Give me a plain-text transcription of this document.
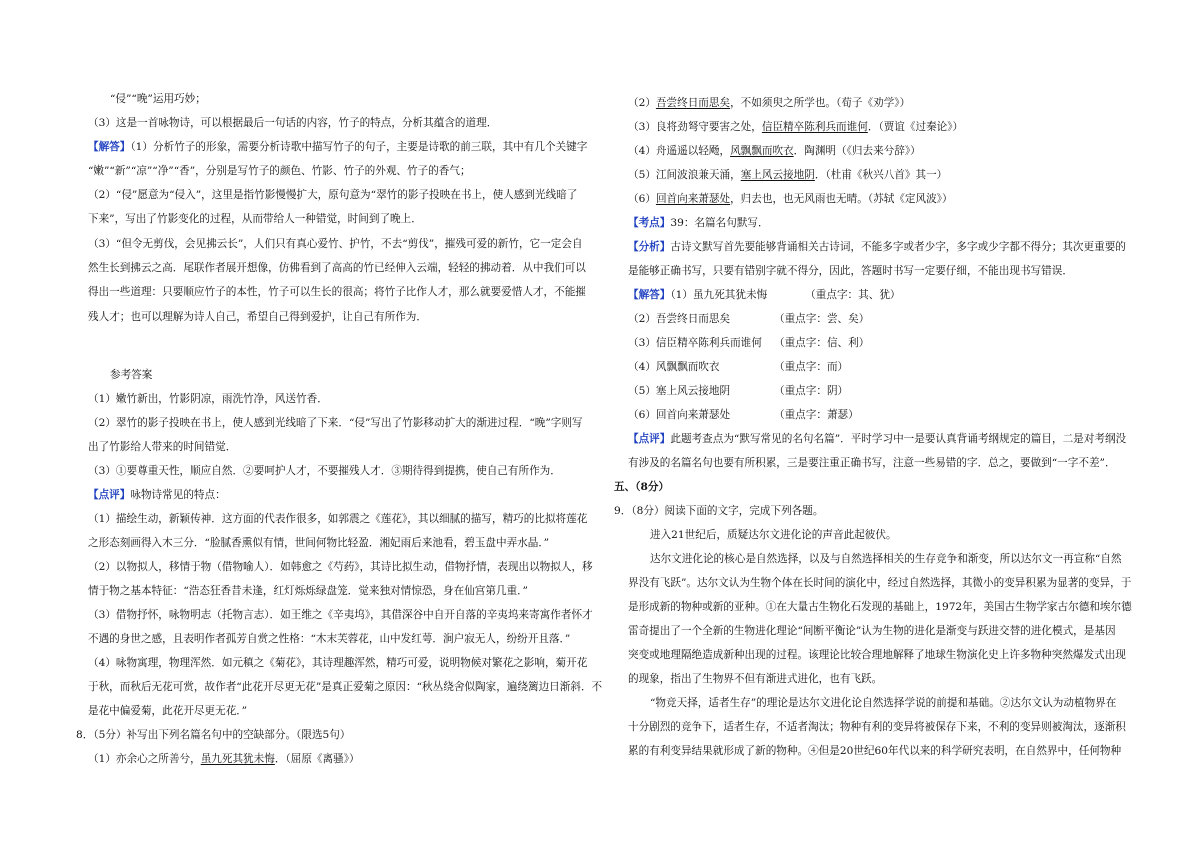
“侵”“晚”运用巧妙；
（3）这是一首咏物诗，可以根据最后一句话的内容，竹子的特点，分析其蕴含的道理．
【解答】（1）分析竹子的形象，需要分析诗歌中描写竹子的句子，主要是诗歌的前三联，其中有几个关键字
“嫩”“新”“凉”“净”“香”，分别是写竹子的颜色、竹影、竹子的外观、竹子的香气；
（2）“侵”愿意为“侵入”，这里是指竹影慢慢扩大，原句意为“翠竹的影子投映在书上，使人感到光线暗了
下来”，写出了竹影变化的过程，从而带给人一种错觉，时间到了晚上．
（3）“但令无剪伐，会见拂云长”，人们只有真心爱竹、护竹，不去“剪伐”，摧残可爱的新竹，它一定会自
然生长到拂云之高．尾联作者展开想像，仿佛看到了高高的竹已经伸入云端，轻轻的拂动着．从中我们可以
得出一些道理：只要顺应竹子的本性，竹子可以生长的很高；将竹子比作人才，那么就要爱惜人才，不能摧
残人才；也可以理解为诗人自己，希望自己得到爱护，让自己有所作为．
参考答案
（1）嫩竹新出，竹影阴凉，雨洗竹净，风送竹香．
（2）翠竹的影子投映在书上，使人感到光线暗了下来．“侵”写出了竹影移动扩大的渐进过程．“晚”字则写
出了竹影给人带来的时间错觉．
（3）①要尊重天性，顺应自然．②要呵护人才，不要摧残人才．③期待得到提携，使自己有所作为．
【点评】咏物诗常见的特点：
（1）描绘生动，新颖传神．这方面的代表作很多，如郭震之《莲花》，其以细腻的描写，精巧的比拟将莲花
之形态刻画得入木三分．“脸腻香熏似有情，世间何物比轻盈．湘妃雨后来池看，碧玉盘中弄水晶．”
（2）以物拟人，移情于物（借物喻人）．如韩愈之《芍药》，其诗比拟生动，借物抒情，表现出以物拟人，移
情于物之基本特征：“浩态狂香昔未逢，红灯烁烁绿盘笼．觉来独对情惊恐，身在仙宫第几重．”
（3）借物抒怀，咏物明志（托物言志）．如王维之《辛夷坞》，其借深谷中自开自落的辛夷坞来寄寓作者怀才
不遇的身世之感，且表明作者孤芳自赏之性格：“木末芙蓉花，山中发红萼．涧户寂无人，纷纷开且落．”
（4）咏物寓理，物理浑然．如元稹之《菊花》，其诗理趣浑然，精巧可爱，说明物候对繁花之影响，菊开花
于秋，而秋后无花可赏，故作者“此花开尽更无花”是真正爱菊之原因：“秋丛绕舍似陶家，遍绕篱边日渐斜．不
是花中偏爱菊，此花开尽更无花．”
8．（5分）补写出下列名篇名句中的空缺部分。（限选5句）
（1）亦余心之所善兮，虽九死其犹未悔．（屈原《离骚》）
（2）吾尝终日而思矣，不如须臾之所学也。（荀子《劝学》）
（3）良将劲弩守要害之处，信臣精卒陈利兵而谁何．（贾谊《过秦论》）
（4）舟遥遥以轻飏，风飘飘而吹衣．陶渊明（《归去来兮辞》）
（5）江间波浪兼天涌，塞上风云接地阴．（杜甫《秋兴八首》其一）
（6）回首向来萧瑟处，归去也，也无风雨也无晴。（苏轼《定风波》）
【考点】39：名篇名句默写．
【分析】古诗文默写首先要能够背诵相关古诗词，不能多字或者少字，多字或少字都不得分；其次更重要的
是能够正确书写，只要有错别字就不得分，因此，答题时书写一定要仔细，不能出现书写错误．
【解答】（1）虽九死其犹未悔	（重点字：其、犹）
（2）吾尝终日而思矣	（重点字：尝、矣）
（3）信臣精卒陈利兵而谁何 （重点字：信、利）
（4）风飘飘而吹衣	（重点字：而）
（5）塞上风云接地阴	（重点字：阴）
（6）回首向来萧瑟处	（重点字：萧瑟）
【点评】此题考查点为“默写常见的名句名篇”．平时学习中一是要认真背诵考纲规定的篇目，二是对考纲没
有涉及的名篇名句也要有所积累，三是要注重正确书写，注意一些易错的字．总之，要做到“一字不差”．
五、（8分）
9．（8分）阅读下面的文字，完成下列各题。
进入21世纪后，质疑达尔文进化论的声音此起彼伏。
达尔文进化论的核心是自然选择，以及与自然选择相关的生存竞争和渐变，所以达尔文一再宣称“自然
界没有飞跃”。达尔文认为生物个体在长时间的演化中，经过自然选择，其微小的变异积累为显著的变异，于
是形成新的物种或新的亚种。①在大量古生物化石发现的基础上，1972年，美国古生物学家古尔德和埃尔德
雷奇提出了一个全新的生物进化理论“间断平衡论”认为生物的进化是渐变与跃进交替的进化模式，是基因
突变或地理隔绝造成新种出现的过程。该理论比较合理地解释了地球生物演化史上许多物种突然爆发式出现
的现象，指出了生物界不但有渐进式进化，也有飞跃。
“物竞天择，适者生存”的理论是达尔文进化论自然选择学说的前提和基础。②达尔文认为动植物界在
十分剧烈的竞争下，适者生存，不适者淘汰；物种有利的变异将被保存下来，不利的变异则被淘汰，逐渐积
累的有利变异结果就形成了新的物种。④但是20世纪60年代以来的科学研究表明，在自然界中，任何物种
